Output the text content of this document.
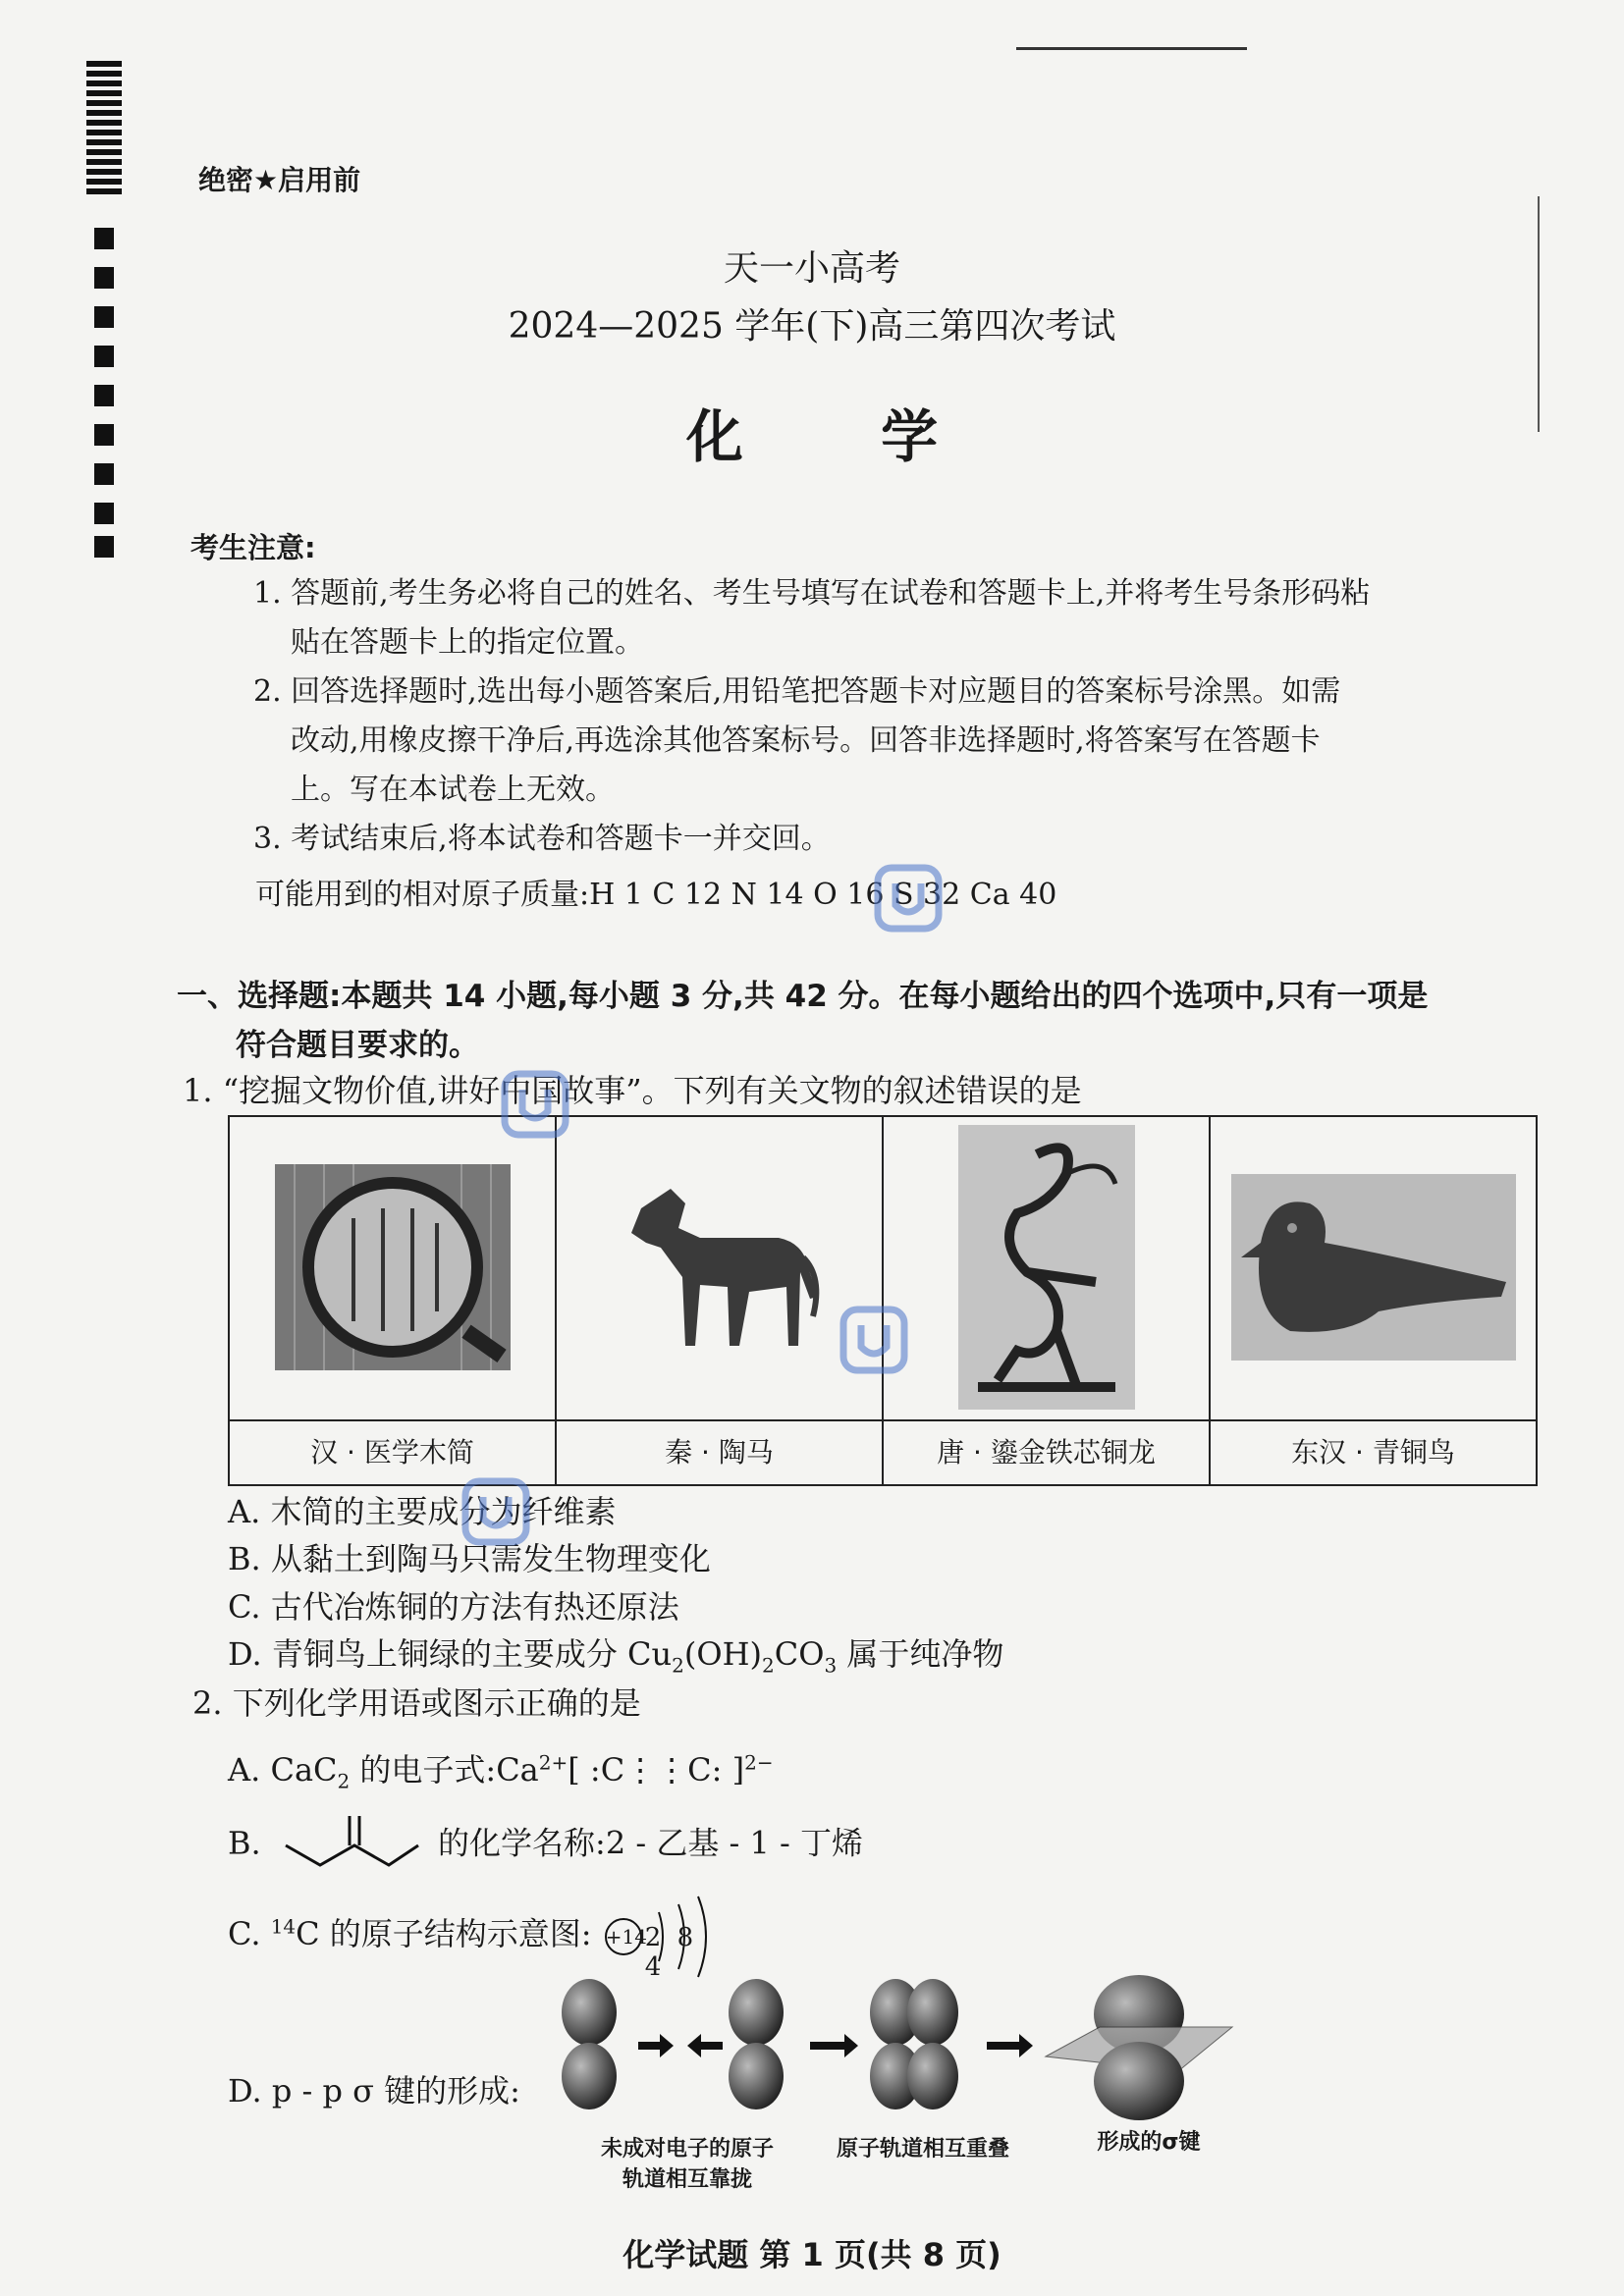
绝密★启用前
天一小高考
2024—2025 学年(下)高三第四次考试
化 学
考生注意:
1. 答题前,考生务必将自己的姓名、考生号填写在试卷和答题卡上,并将考生号条形码粘
贴在答题卡上的指定位置。
2. 回答选择题时,选出每小题答案后,用铅笔把答题卡对应题目的答案标号涂黑。如需
改动,用橡皮擦干净后,再选涂其他答案标号。回答非选择题时,将答案写在答题卡
上。写在本试卷上无效。
3. 考试结束后,将本试卷和答题卡一并交回。
可能用到的相对原子质量:H 1 C 12 N 14 O 16 S 32 Ca 40
一、选择题:本题共 14 小题,每小题 3 分,共 42 分。在每小题给出的四个选项中,只有一项是
符合题目要求的。
1. “挖掘文物价值,讲好中国故事”。下列有关文物的叙述错误的是
汉 · 医学木简	秦 · 陶马	唐 · 鎏金铁芯铜龙	东汉 · 青铜鸟
A. 木简的主要成分为纤维素
B. 从黏土到陶马只需发生物理变化
C. 古代冶炼铜的方法有热还原法
D. 青铜鸟上铜绿的主要成分 $Cu_2(OH)_2CO_3$ 属于纯净物
2. 下列化学用语或图示正确的是
A. CaC$_2$ 的电子式$:Ca^{2+}$[ :C⋮⋮C: ]$^{2-}$
B.	的化学名称:2 - 乙基 - 1 - 丁烯
C. $^{14}$C 的原子结构示意图: +14
2 8 4
D. p - p σ 键的形成:
未成对电子的原子
轨道相互靠拢
原子轨道相互重叠	形成的σ键
化学试题 第 1 页(共 8 页)
